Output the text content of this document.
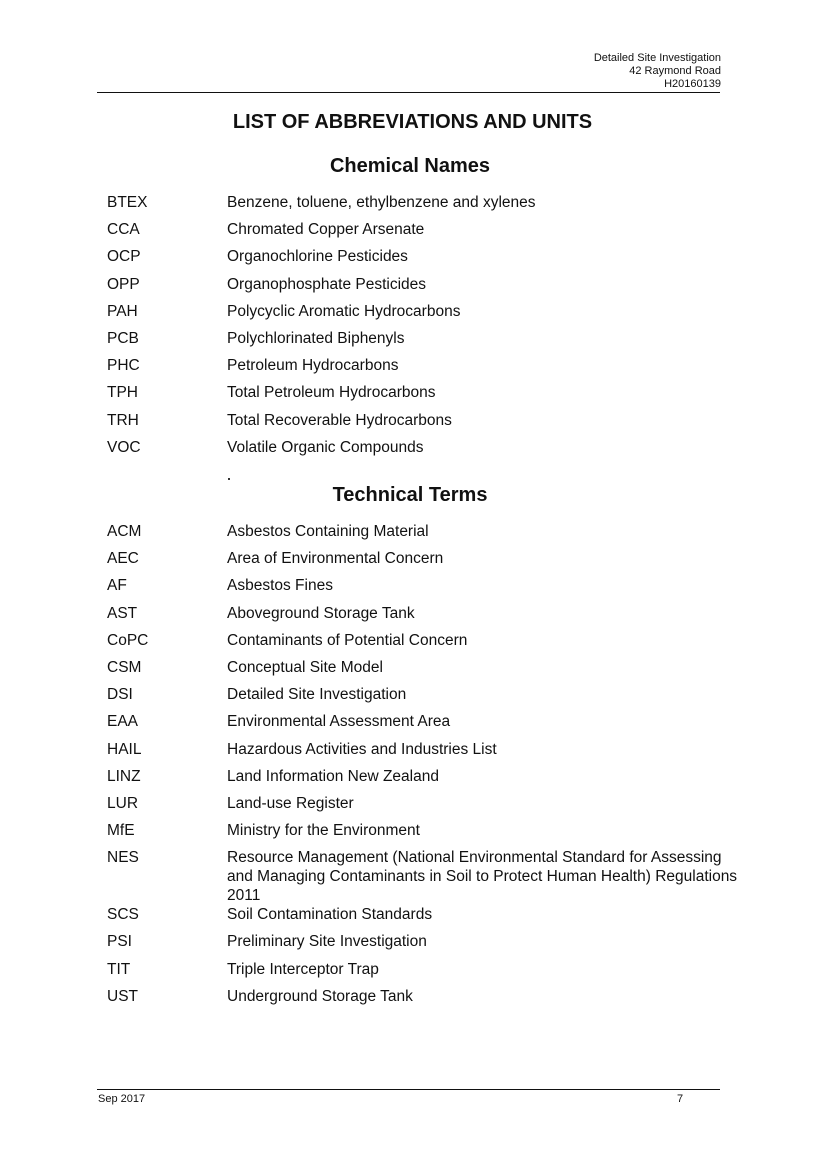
Detailed Site Investigation
42 Raymond Road
H20160139
LIST OF ABBREVIATIONS AND UNITS
Chemical Names
BTEX	Benzene, toluene, ethylbenzene and xylenes
CCA	Chromated Copper Arsenate
OCP	Organochlorine Pesticides
OPP	Organophosphate Pesticides
PAH	Polycyclic Aromatic Hydrocarbons
PCB	Polychlorinated Biphenyls
PHC	Petroleum Hydrocarbons
TPH	Total Petroleum Hydrocarbons
TRH	Total Recoverable Hydrocarbons
VOC	Volatile Organic Compounds
Technical Terms
ACM	Asbestos Containing Material
AEC	Area of Environmental Concern
AF	Asbestos Fines
AST	Aboveground Storage Tank
CoPC	Contaminants of Potential Concern
CSM	Conceptual Site Model
DSI	Detailed Site Investigation
EAA	Environmental Assessment Area
HAIL	Hazardous Activities and Industries List
LINZ	Land Information New Zealand
LUR	Land-use Register
MfE	Ministry for the Environment
NES	Resource Management (National Environmental Standard for Assessing and Managing Contaminants in Soil to Protect Human Health) Regulations 2011
SCS	Soil Contamination Standards
PSI	Preliminary Site Investigation
TIT	Triple Interceptor Trap
UST	Underground Storage Tank
Sep 2017	7
